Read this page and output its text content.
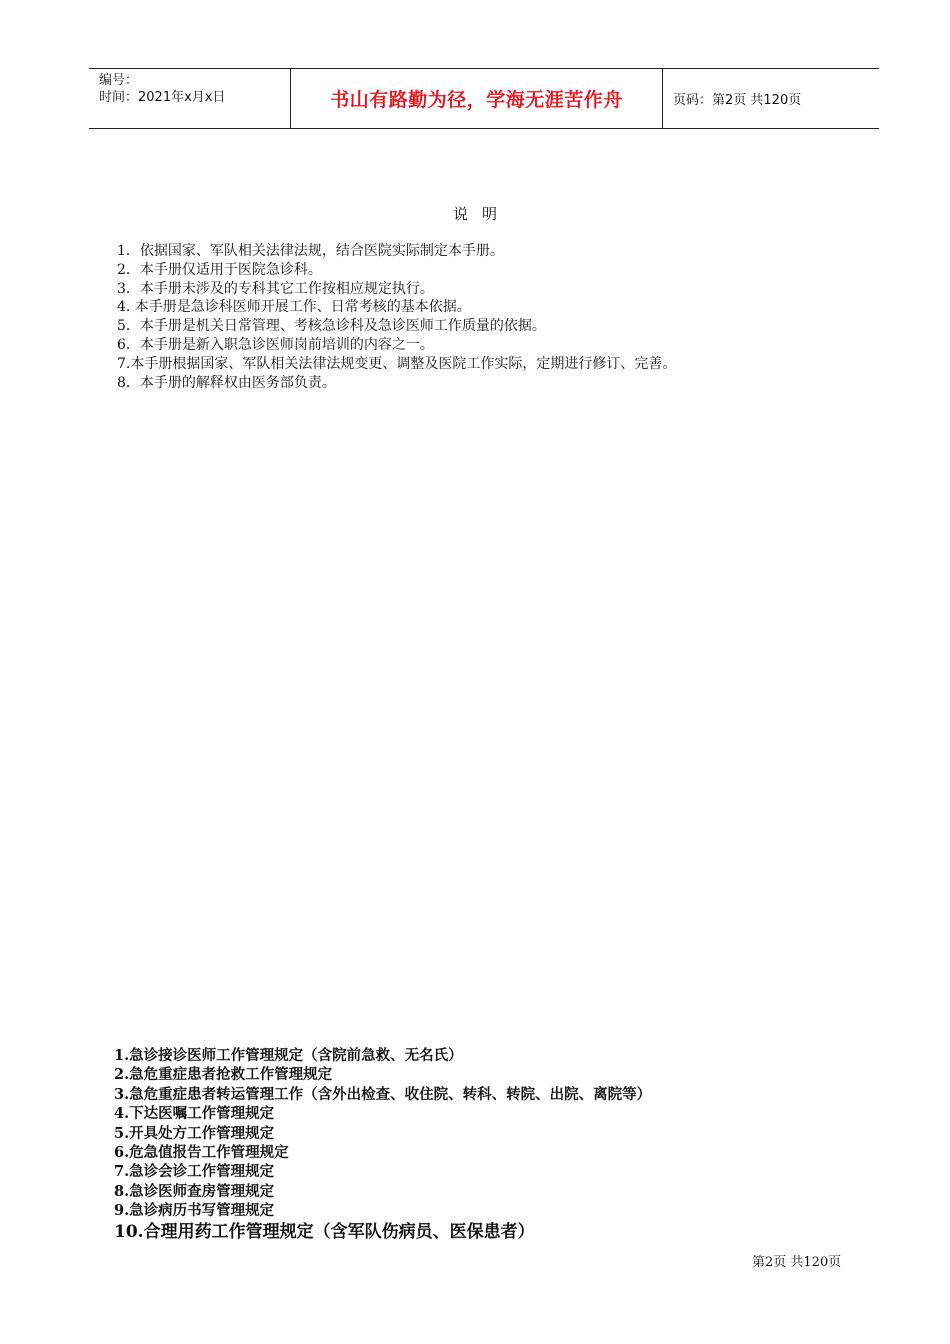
编号：
时间：2021年x月x日	书山有路勤为径，学海无涯苦作舟	页码：第2页 共120页
说明
1．依据国家、军队相关法律法规，结合医院实际制定本手册。
2．本手册仅适用于医院急诊科。
3．本手册未涉及的专科其它工作按相应规定执行。
4. 本手册是急诊科医师开展工作、日常考核的基本依据。
5．本手册是机关日常管理、考核急诊科及急诊医师工作质量的依据。
6．本手册是新入职急诊医师岗前培训的内容之一。
7.本手册根据国家、军队相关法律法规变更、调整及医院工作实际，定期进行修订、完善。
8．本手册的解释权由医务部负责。
1.急诊接诊医师工作管理规定（含院前急救、无名氏）
2.急危重症患者抢救工作管理规定
3.急危重症患者转运管理工作（含外出检查、收住院、转科、转院、出院、离院等）
4.下达医嘱工作管理规定
5.开具处方工作管理规定
6.危急值报告工作管理规定
7.急诊会诊工作管理规定
8.急诊医师查房管理规定
9.急诊病历书写管理规定
10.合理用药工作管理规定（含军队伤病员、医保患者）
第2页 共120页
